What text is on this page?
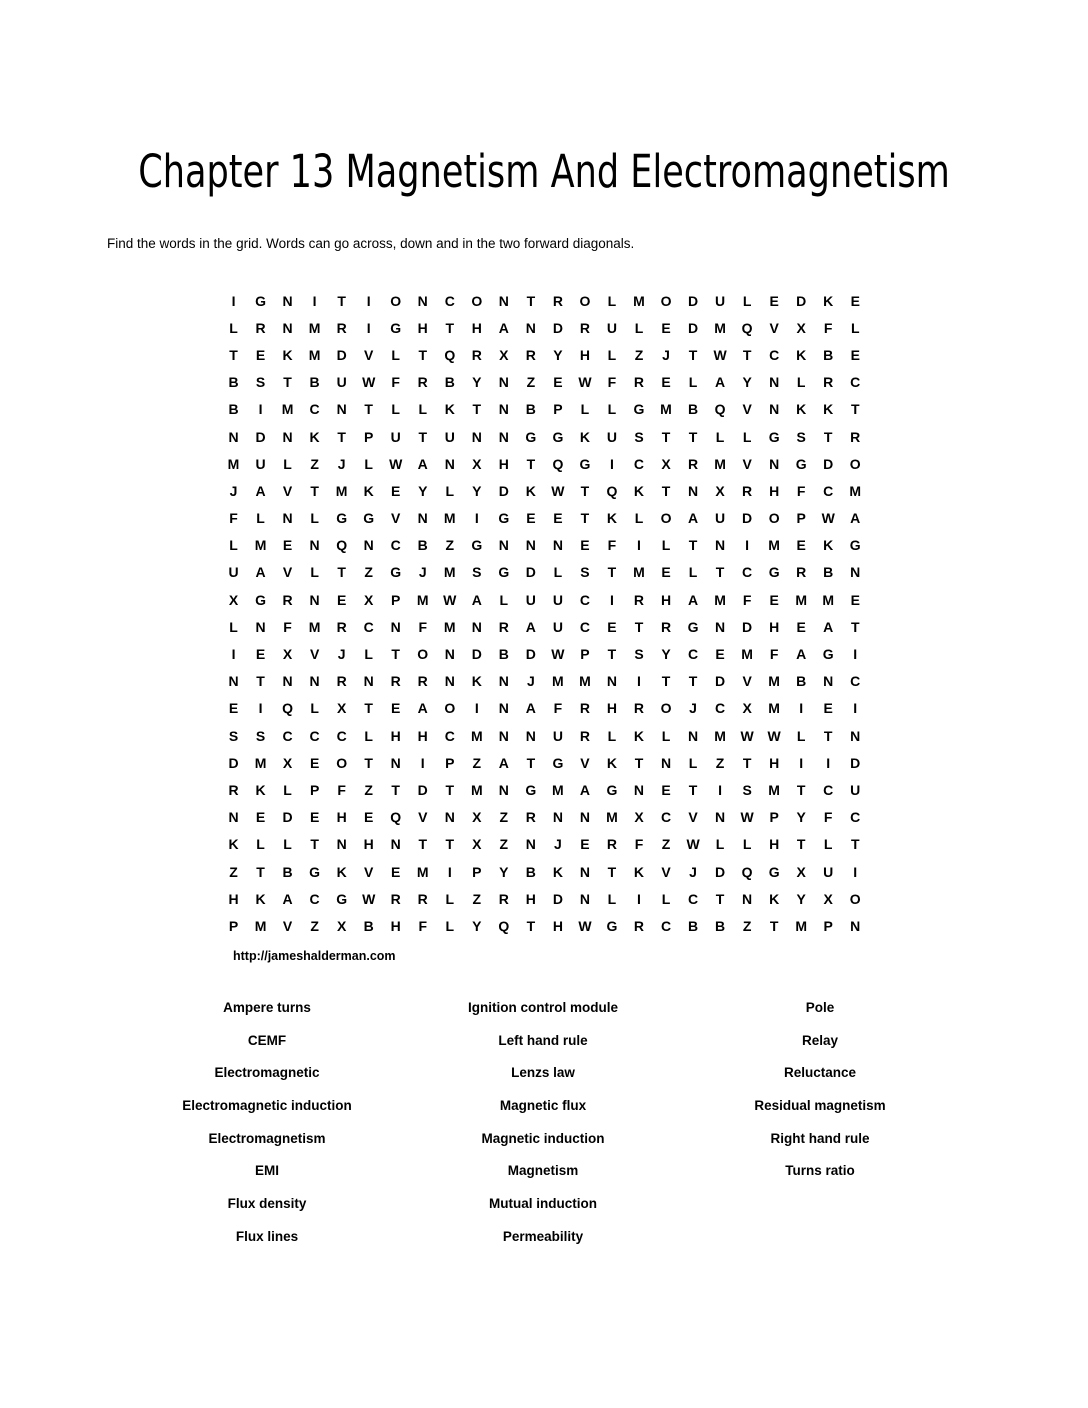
Chapter 13 Magnetism And Electromagnetism
Find the words in the grid. Words can go across, down and in the two forward diagonals.
I	G	N	I	T	I	O	N	C	O	N	T	R	O	L	M	O	D	U	L	E	D	K	E
L	R	N	M	R	I	G	H	T	H	A	N	D	R	U	L	E	D	M	Q	V	X	F	L
T	E	K	M	D	V	L	T	Q	R	X	R	Y	H	L	Z	J	T	W	T	C	K	B	E
B	S	T	B	U	W	F	R	B	Y	N	Z	E	W	F	R	E	L	A	Y	N	L	R	C
B	I	M	C	N	T	L	L	K	T	N	B	P	L	L	G	M	B	Q	V	N	K	K	T
N	D	N	K	T	P	U	T	U	N	N	G	G	K	U	S	T	T	L	L	G	S	T	R
M	U	L	Z	J	L	W	A	N	X	H	T	Q	G	I	C	X	R	M	V	N	G	D	O
J	A	V	T	M	K	E	Y	L	Y	D	K	W	T	Q	K	T	N	X	R	H	F	C	M
F	L	N	L	G	G	V	N	M	I	G	E	E	T	K	L	O	A	U	D	O	P	W	A
L	M	E	N	Q	N	C	B	Z	G	N	N	N	E	F	I	L	T	N	I	M	E	K	G
U	A	V	L	T	Z	G	J	M	S	G	D	L	S	T	M	E	L	T	C	G	R	B	N
X	G	R	N	E	X	P	M	W	A	L	U	U	C	I	R	H	A	M	F	E	M	M	E
L	N	F	M	R	C	N	F	M	N	R	A	U	C	E	T	R	G	N	D	H	E	A	T
I	E	X	V	J	L	T	O	N	D	B	D	W	P	T	S	Y	C	E	M	F	A	G	I
N	T	N	N	R	N	R	R	N	K	N	J	M	M	N	I	T	T	D	V	M	B	N	C
E	I	Q	L	X	T	E	A	O	I	N	A	F	R	H	R	O	J	C	X	M	I	E	I
S	S	C	C	C	L	H	H	C	M	N	N	U	R	L	K	L	N	M	W W	L	T	N
D	M	X	E	O	T	N	I	P	Z	A	T	G	V	K	T	N	L	Z	T	H	I	I	D
R	K	L	P	F	Z	T	D	T	M	N	G	M	A	G	N	E	T	I	S	M	T	C	U
N	E	D	E	H	E	Q	V	N	X	Z	R	N	N	M	X	C	V	N	W	P	Y	F	C
K	L	L	T	N	H	N	T	T	X	Z	N	J	E	R	F	Z	W	L	L	H	T	L	T
Z	T	B	G	K	V	E	M	I	P	Y	B	K	N	T	K	V	J	D	Q	G	X	U	I
H	K	A	C	G	W	R	R	L	Z	R	H	D	N	L	I	L	C	T	N	K	Y	X	O
P	M	V	Z	X	B	H	F	L	Y	Q	T	H	W	G	R	C	B	B	Z	T	M	P	N
http://jameshalderman.com
Ampere turns
CEMF
Electromagnetic
Electromagnetic induction
Electromagnetism
EMI
Flux density
Flux lines
Ignition control module
Left hand rule
Lenzs law
Magnetic flux
Magnetic induction
Magnetism
Mutual induction
Permeability
Pole
Relay
Reluctance
Residual magnetism
Right hand rule
Turns ratio
